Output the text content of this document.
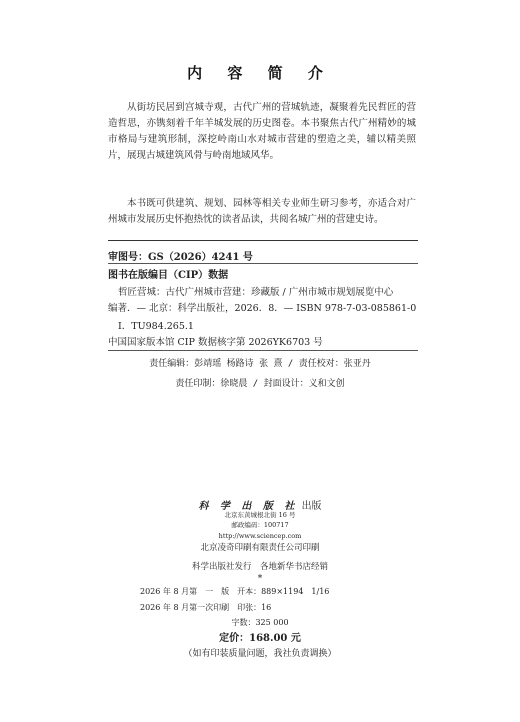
内 容 简 介
从街坊民居到宫城寺观，古代广州的营城轨迹，凝聚着先民哲匠的营造哲思，亦镌刻着千年羊城发展的历史图卷。本书聚焦古代广州精妙的城市格局与建筑形制，深挖岭南山水对城市营建的塑造之美，辅以精美照片，展现古城建筑风骨与岭南地域风华。
本书既可供建筑、规划、园林等相关专业师生研习参考，亦适合对广州城市发展历史怀抱热忱的读者品读，共阅名城广州的营建史诗。
审图号：GS（2026）4241 号
图书在版编目（CIP）数据
哲匠营城：古代广州城市营建：珍藏版 / 广州市城市规划展览中心
编著．— 北京：科学出版社，2026．8．— ISBN 978-7-03-085861-0
Ⅰ．TU984.265.1
中国国家版本馆 CIP 数据核字第 2026YK6703 号
责任编辑：彭靖瑶 杨路诗 张 熹 / 责任校对：张亚丹
责任印制：徐晓晨 / 封面设计：义和文创
科 学 出 版 社 出版
北京东黄城根北街 16 号
邮政编码：100717
http://www.sciencep.com
北京凌奇印刷有限责任公司印刷
科学出版社发行　各地新华书店经销
*
2026 年 8 月第　一　版　开本：889×1194　1/16
2026 年 8 月第一次印刷　印张：16
字数：325 000
定价：168.00 元
（如有印装质量问题，我社负责调换）
